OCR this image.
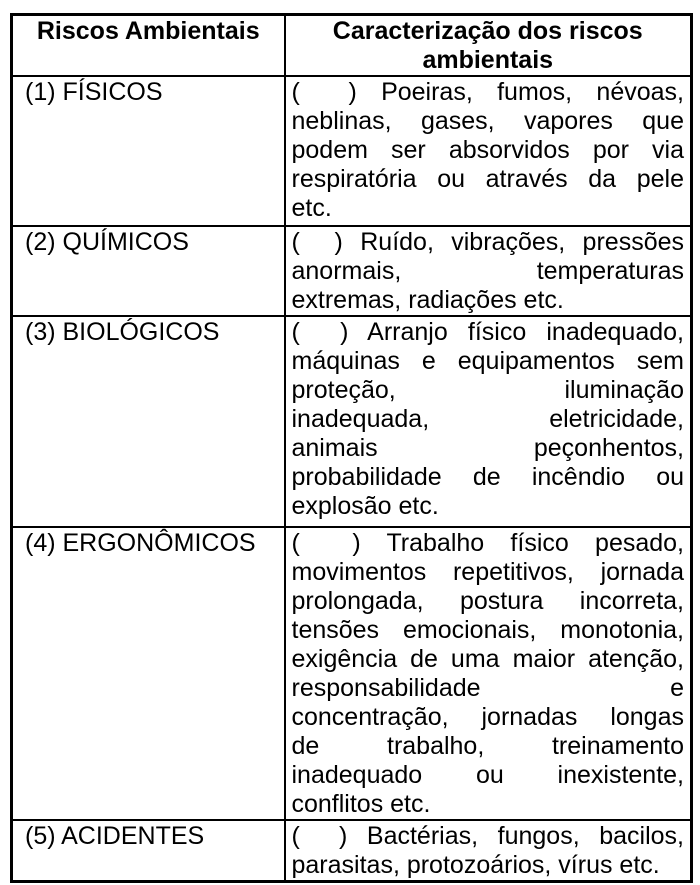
Riscos Ambientais	Caracterização dos riscos ambientais
(1) FÍSICOS	(  ) Poeiras, fumos, névoas,
neblinas, gases, vapores que
podem ser absorvidos por via
respiratória ou através da pele
etc.

(2) QUÍMICOS	(  ) Ruído, vibrações, pressões
anormais, temperaturas
extremas, radiações etc.

(3) BIOLÓGICOS	(  ) Arranjo físico inadequado,
máquinas e equipamentos sem
proteção, iluminação
inadequada, eletricidade,
animais peçonhentos,
probabilidade de incêndio ou
explosão etc.

(4) ERGONÔMICOS	(  ) Trabalho físico pesado,
movimentos repetitivos, jornada
prolongada, postura incorreta,
tensões emocionais, monotonia,
exigência de uma maior atenção,
responsabilidade e
concentração, jornadas longas
de trabalho, treinamento
inadequado ou inexistente,
conflitos etc.

(5) ACIDENTES	(  ) Bactérias, fungos, bacilos,
parasitas, protozoários, vírus etc.
